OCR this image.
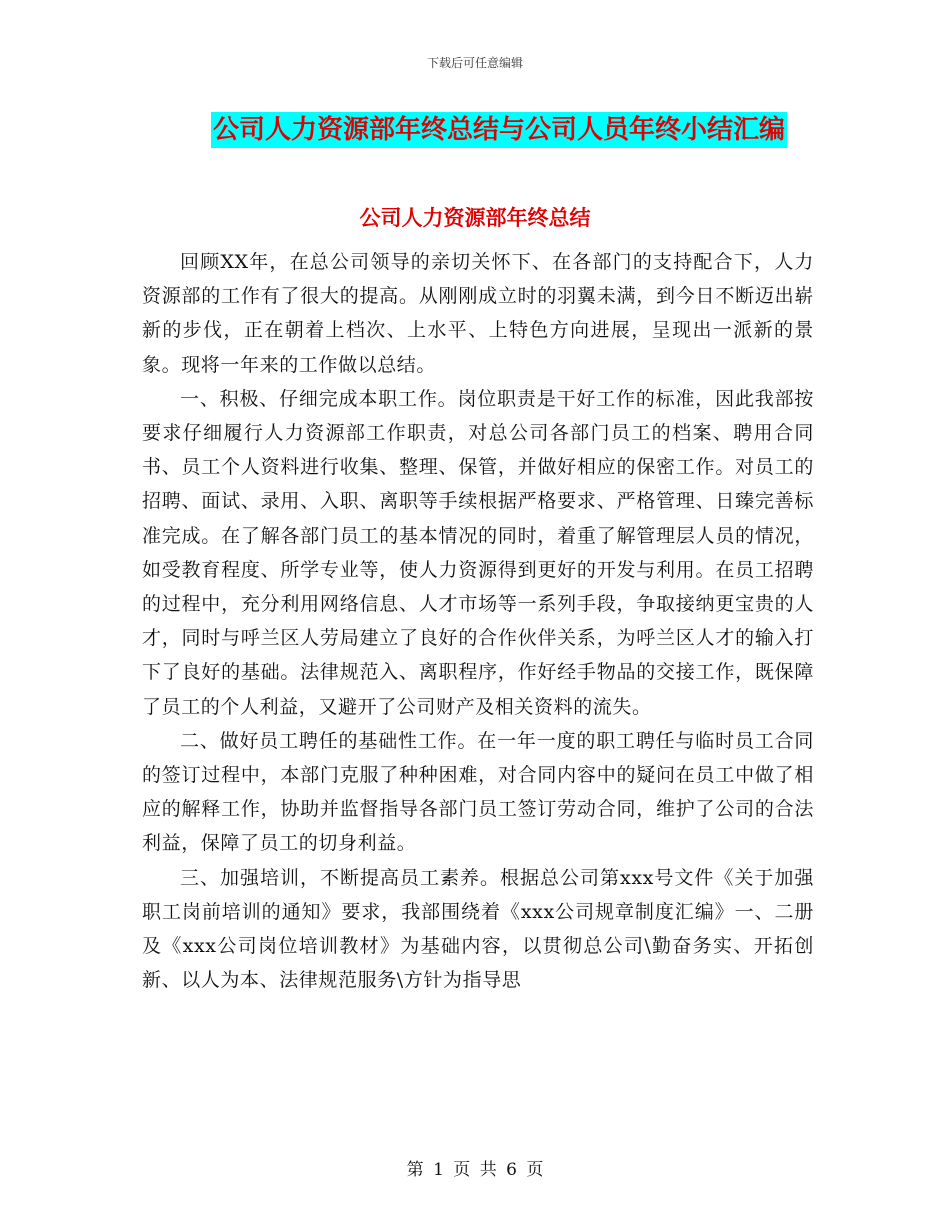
下载后可任意编辑
公司人力资源部年终总结与公司人员年终小结汇编
公司人力资源部年终总结

回顾XX年，在总公司领导的亲切关怀下、在各部门的支持配合下，人力资源部的工作有了很大的提高。从刚刚成立时的羽翼未满，到今日不断迈出崭新的步伐，正在朝着上档次、上水平、上特色方向进展，呈现出一派新的景象。现将一年来的工作做以总结。

一、积极、仔细完成本职工作。岗位职责是干好工作的标准，因此我部按要求仔细履行人力资源部工作职责，对总公司各部门员工的档案、聘用合同书、员工个人资料进行收集、整理、保管，并做好相应的保密工作。对员工的招聘、面试、录用、入职、离职等手续根据严格要求、严格管理、日臻完善标准完成。在了解各部门员工的基本情况的同时，着重了解管理层人员的情况，如受教育程度、所学专业等，使人力资源得到更好的开发与利用。在员工招聘的过程中，充分利用网络信息、人才市场等一系列手段，争取接纳更宝贵的人才，同时与呼兰区人劳局建立了良好的合作伙伴关系，为呼兰区人才的输入打下了良好的基础。法律规范入、离职程序，作好经手物品的交接工作，既保障了员工的个人利益，又避开了公司财产及相关资料的流失。

二、做好员工聘任的基础性工作。在一年一度的职工聘任与临时员工合同的签订过程中，本部门克服了种种困难，对合同内容中的疑问在员工中做了相应的解释工作，协助并监督指导各部门员工签订劳动合同，维护了公司的合法利益，保障了员工的切身利益。

三、加强培训，不断提高员工素养。根据总公司第xxx号文件《关于加强职工岗前培训的通知》要求，我部围绕着《xxx公司规章制度汇编》一、二册及《xxx公司岗位培训教材》为基础内容，以贯彻总公司\勤奋务实、开拓创新、以人为本、法律规范服务\方针为指导思

第 1 页 共 6 页
